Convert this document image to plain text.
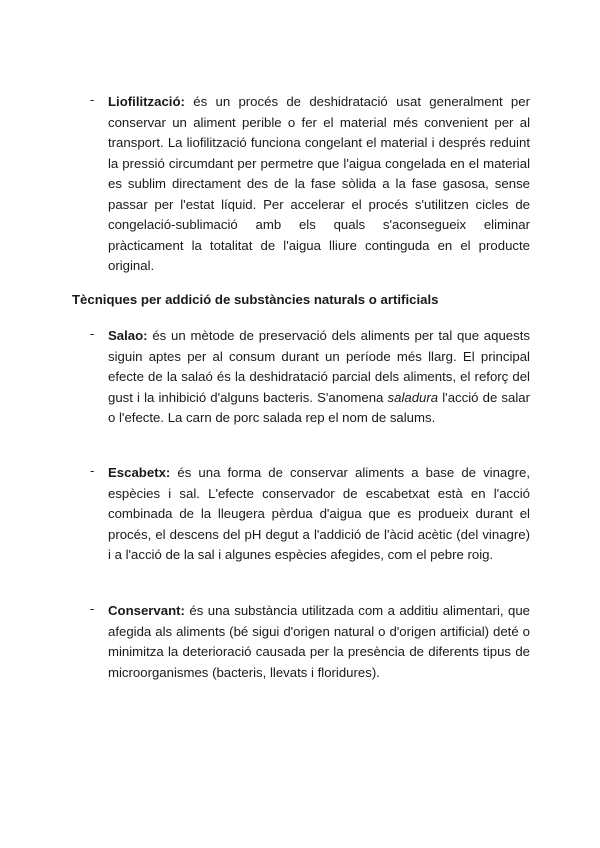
- Liofilització: és un procés de deshidratació usat generalment per conservar un aliment perible o fer el material més convenient per al transport. La liofilització funciona congelant el material i després reduint la pressió circumdant per permetre que l'aigua congelada en el material es sublim directament des de la fase sòlida a la fase gasosa, sense passar per l'estat líquid. Per accelerar el procés s'utilitzen cicles de congelació-sublimació amb els quals s'aconsegueix eliminar pràcticament la totalitat de l'aigua lliure continguda en el producte original.
Tècniques per addició de substàncies naturals o artificials
- Salao: és un mètode de preservació dels aliments per tal que aquests siguin aptes per al consum durant un període més llarg. El principal efecte de la salaó és la deshidratació parcial dels aliments, el reforç del gust i la inhibició d'alguns bacteris. S'anomena saladura l'acció de salar o l'efecte. La carn de porc salada rep el nom de salums.
- Escabetx: és una forma de conservar aliments a base de vinagre, espècies i sal. L'efecte conservador de escabetxat està en l'acció combinada de la lleugera pèrdua d'aigua que es produeix durant el procés, el descens del pH degut a l'addició de l'àcid acètic (del vinagre) i a l'acció de la sal i algunes espècies afegides, com el pebre roig.
- Conservant: és una substància utilitzada com a additiu alimentari, que afegida als aliments (bé sigui d'origen natural o d'origen artificial) deté o minimitza la deterioració causada per la presència de diferents tipus de microorganismes (bacteris, llevats i floridures).
